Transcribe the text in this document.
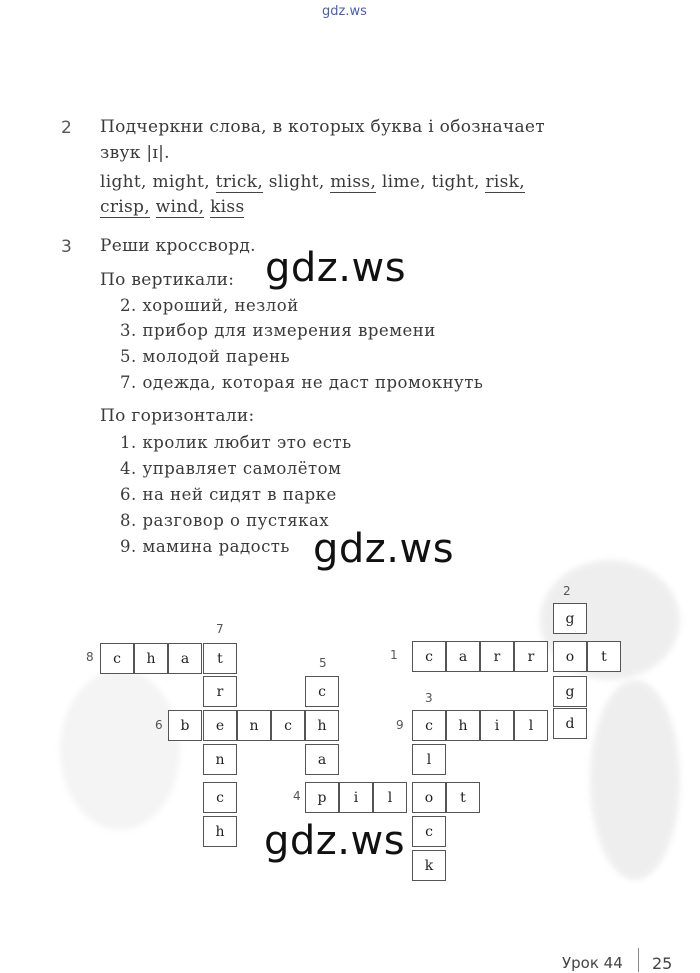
gdz.ws
2 Подчеркни слова, в которых буква i обозначает
звук |ɪ|.
light, might, trick, slight, miss, lime, tight, risk,
crisp, wind, kiss
3 Реши кроссворд.
По вертикали:
2. хороший, незлой
3. прибор для измерения времени
5. молодой парень
7. одежда, которая не даст промокнуть
По горизонтали:
1. кролик любит это есть
4. управляет самолётом
6. на ней сидят в парке
8. разговор о пустяках
9. мамина радость
c	h	a	t
r
b	e	n	c	h
n
c
h
c
a
p	i	l	o	t
c	a	r	r	o	t
g
g
d
c	h	i	l
l
c
k
2
7
8	5
1
3
6	9
4
gdz.ws
gdz.ws
gdz.ws
Урок 44 25
